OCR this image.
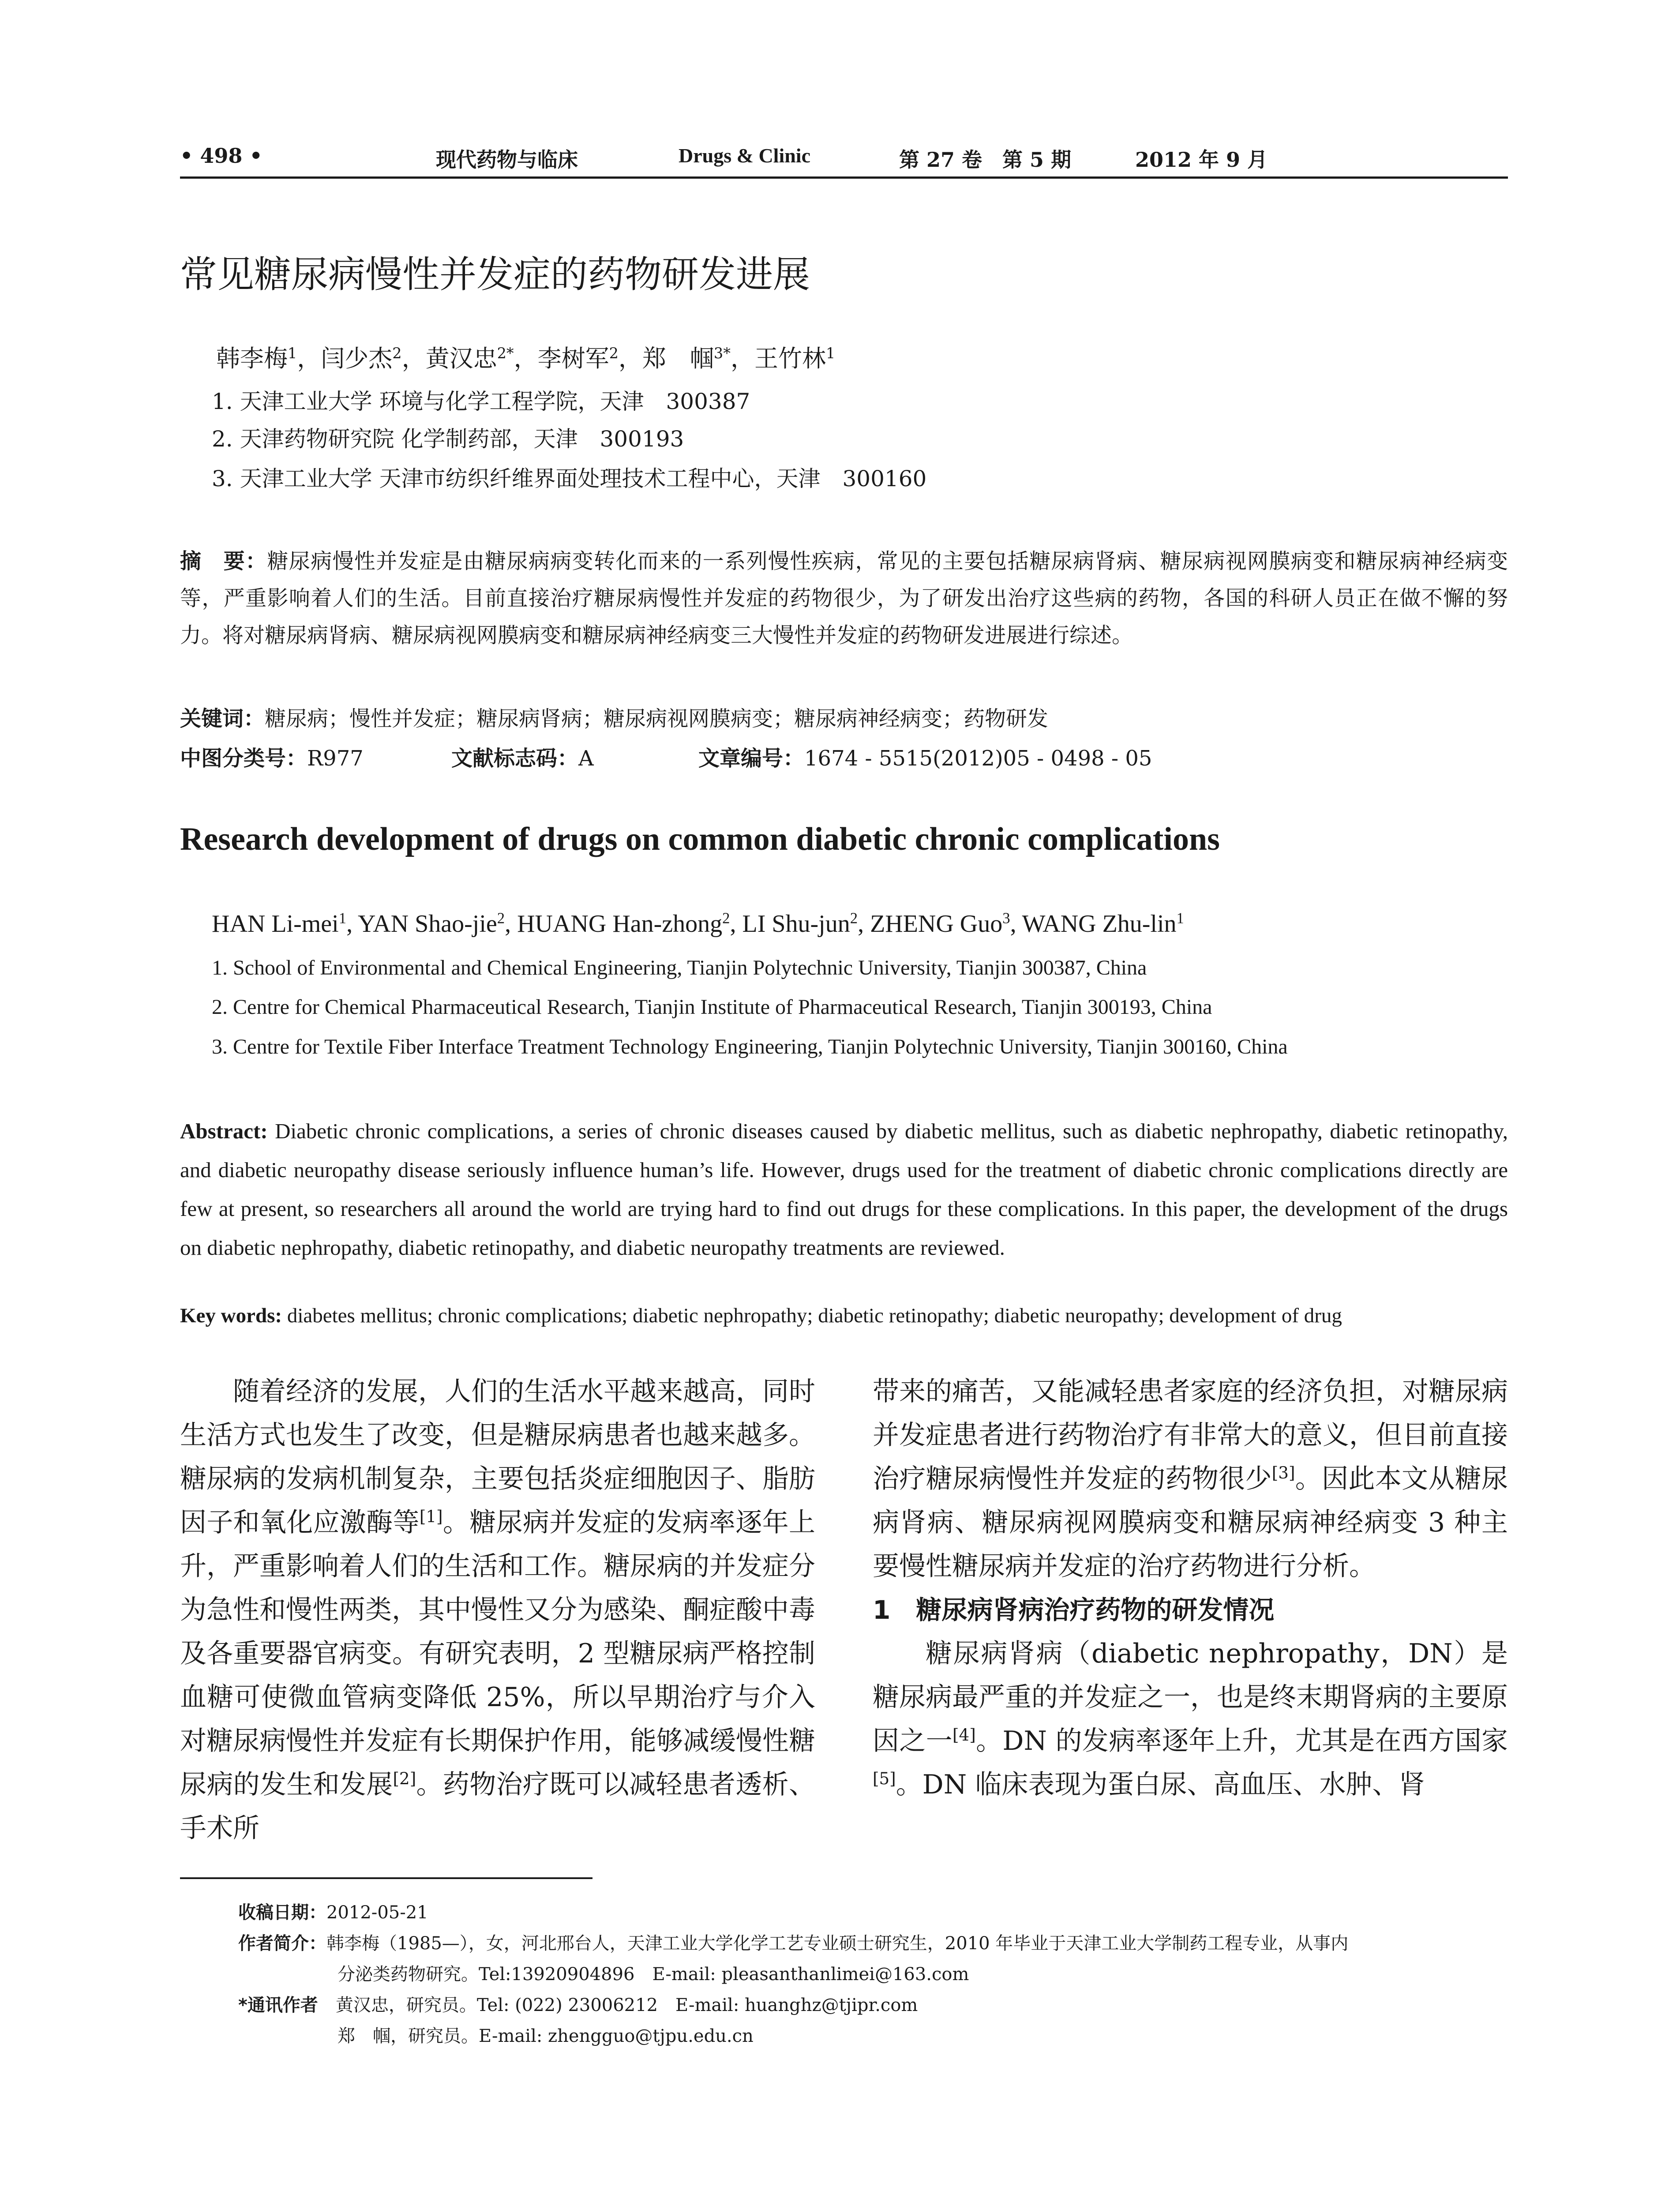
• 498 •	现代药物与临床	Drugs & Clinic	第 27 卷　第 5 期	2012 年 9 月
常见糖尿病慢性并发症的药物研发进展
韩李梅$^1$，闫少杰$^2$，黄汉忠$^{2*}$，李树军$^2$，郑　帼$^{3*}$，王竹林$^1$
1. 天津工业大学 环境与化学工程学院，天津　300387
2. 天津药物研究院 化学制药部，天津　300193
3. 天津工业大学 天津市纺织纤维界面处理技术工程中心，天津　300160
摘　要：糖尿病慢性并发症是由糖尿病病变转化而来的一系列慢性疾病，常见的主要包括糖尿病肾病、糖尿病视网膜病变和糖尿病神经病变等，严重影响着人们的生活。目前直接治疗糖尿病慢性并发症的药物很少，为了研发出治疗这些病的药物，各国的科研人员正在做不懈的努力。将对糖尿病肾病、糖尿病视网膜病变和糖尿病神经病变三大慢性并发症的药物研发进展进行综述。
关键词：糖尿病；慢性并发症；糖尿病肾病；糖尿病视网膜病变；糖尿病神经病变；药物研发
中图分类号：R977	文献标志码：A	文章编号：1674 - 5515(2012)05 - 0498 - 05
Research development of drugs on common diabetic chronic complications
HAN Li-mei$^1$, YAN Shao-jie$^2$, HUANG Han-zhong$^2$, LI Shu-jun$^2$, ZHENG Guo$^3$, WANG Zhu-lin$^1$
1. School of Environmental and Chemical Engineering, Tianjin Polytechnic University, Tianjin 300387, China
2. Centre for Chemical Pharmaceutical Research, Tianjin Institute of Pharmaceutical Research, Tianjin 300193, China
3. Centre for Textile Fiber Interface Treatment Technology Engineering, Tianjin Polytechnic University, Tianjin 300160, China
Abstract: Diabetic chronic complications, a series of chronic diseases caused by diabetic mellitus, such as diabetic nephropathy, diabetic retinopathy, and diabetic neuropathy disease seriously influence human’s life. However, drugs used for the treatment of diabetic chronic complications directly are few at present, so researchers all around the world are trying hard to find out drugs for these complications. In this paper, the development of the drugs on diabetic nephropathy, diabetic retinopathy, and diabetic neuropathy treatments are reviewed.
Key words: diabetes mellitus; chronic complications; diabetic nephropathy; diabetic retinopathy; diabetic neuropathy; development of drug

随着经济的发展，人们的生活水平越来越高，同时生活方式也发生了改变，但是糖尿病患者也越来越多。糖尿病的发病机制复杂，主要包括炎症细胞因子、脂肪因子和氧化应激酶等[1]。糖尿病并发症的发病率逐年上升，严重影响着人们的生活和工作。糖尿病的并发症分为急性和慢性两类，其中慢性又分为感染、酮症酸中毒及各重要器官病变。有研究表明，2 型糖尿病严格控制血糖可使微血管病变降低 25%，所以早期治疗与介入对糖尿病慢性并发症有长期保护作用，能够减缓慢性糖尿病的发生和发展[2]。药物治疗既可以减轻患者透析、手术所

带来的痛苦，又能减轻患者家庭的经济负担，对糖尿病并发症患者进行药物治疗有非常大的意义，但目前直接治疗糖尿病慢性并发症的药物很少[3]。因此本文从糖尿病肾病、糖尿病视网膜病变和糖尿病神经病变 3 种主要慢性糖尿病并发症的治疗药物进行分析。

1　糖尿病肾病治疗药物的研发情况

糖尿病肾病（diabetic nephropathy，DN）是糖尿病最严重的并发症之一，也是终末期肾病的主要原因之一[4]。DN 的发病率逐年上升，尤其是在西方国家[5]。DN 临床表现为蛋白尿、高血压、水肿、肾

收稿日期：2012-05-21
作者简介：韩李梅（1985—），女，河北邢台人，天津工业大学化学工艺专业硕士研究生，2010 年毕业于天津工业大学制药工程专业，从事内
分泌类药物研究。Tel:13920904896　E-mail: pleasanthanlimei@163.com
*通讯作者　 黄汉忠，研究员。Tel: (022) 23006212　E-mail: huanghz@tjipr.com
郑　帼，研究员。E-mail: zhengguo@tjpu.edu.cn
